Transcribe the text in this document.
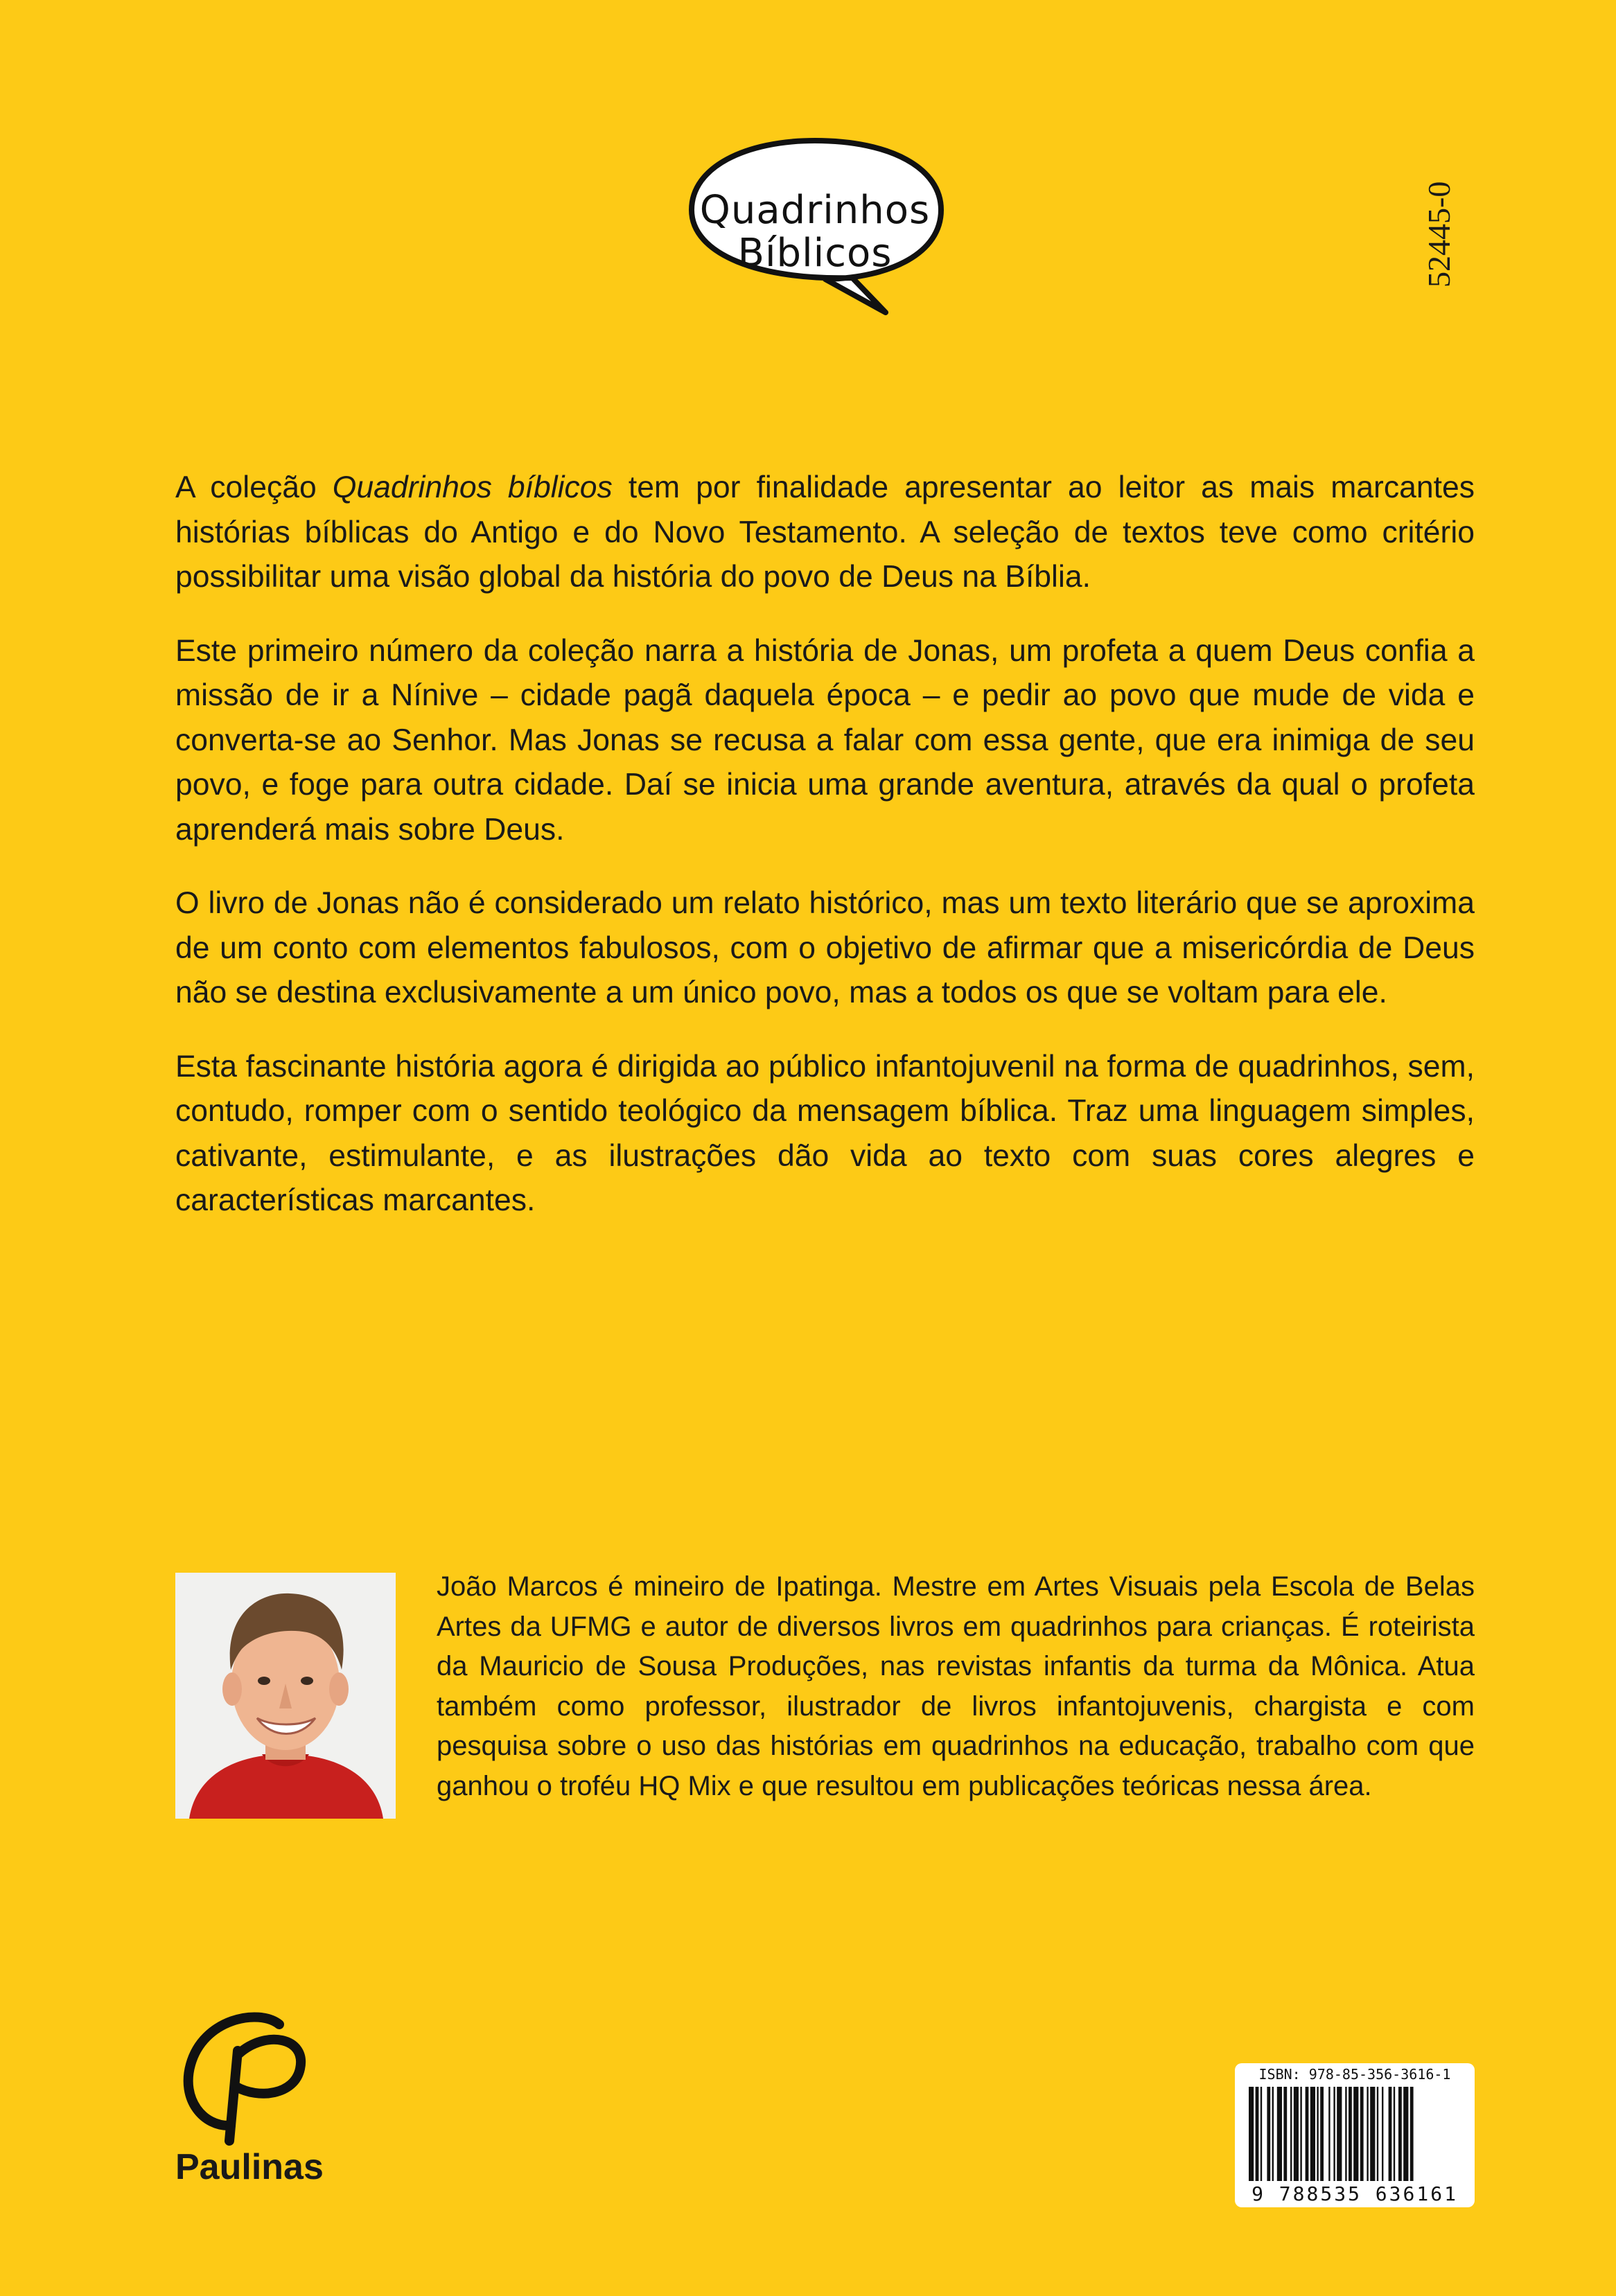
Quadrinhos
Bíblicos	52445-0

A coleção Quadrinhos bíblicos tem por finalidade apresentar ao leitor as mais marcantes histórias bíblicas do Antigo e do Novo Testamento. A seleção de textos teve como critério possibilitar uma visão global da história do povo de Deus na Bíblia.

Este primeiro número da coleção narra a história de Jonas, um profeta a quem Deus confia a missão de ir a Nínive – cidade pagã daquela época – e pedir ao povo que mude de vida e converta-se ao Senhor. Mas Jonas se recusa a falar com essa gente, que era inimiga de seu povo, e foge para outra cidade. Daí se inicia uma grande aventura, através da qual o profeta aprenderá mais sobre Deus.

O livro de Jonas não é considerado um relato histórico, mas um texto literário que se aproxima de um conto com elementos fabulosos, com o objetivo de afirmar que a misericórdia de Deus não se destina exclusivamente a um único povo, mas a todos os que se voltam para ele.

Esta fascinante história agora é dirigida ao público infantojuvenil na forma de quadrinhos, sem, contudo, romper com o sentido teológico da mensagem bíblica. Traz uma linguagem simples, cativante, estimulante, e as ilustrações dão vida ao texto com suas cores alegres e características marcantes.

João Marcos é mineiro de Ipatinga. Mestre em Artes Visuais pela Escola de Belas Artes da UFMG e autor de diversos livros em quadrinhos para crianças. É roteirista da Mauricio de Sousa Produções, nas revistas infantis da turma da Mônica. Atua também como professor, ilustrador de livros infantojuvenis, chargista e com pesquisa sobre o uso das histórias em quadrinhos na educação, trabalho com que ganhou o troféu HQ Mix e que resultou em publicações teóricas nessa área.

Paulinas
ISBN: 978-85-356-3616-1
9 788535 636161
